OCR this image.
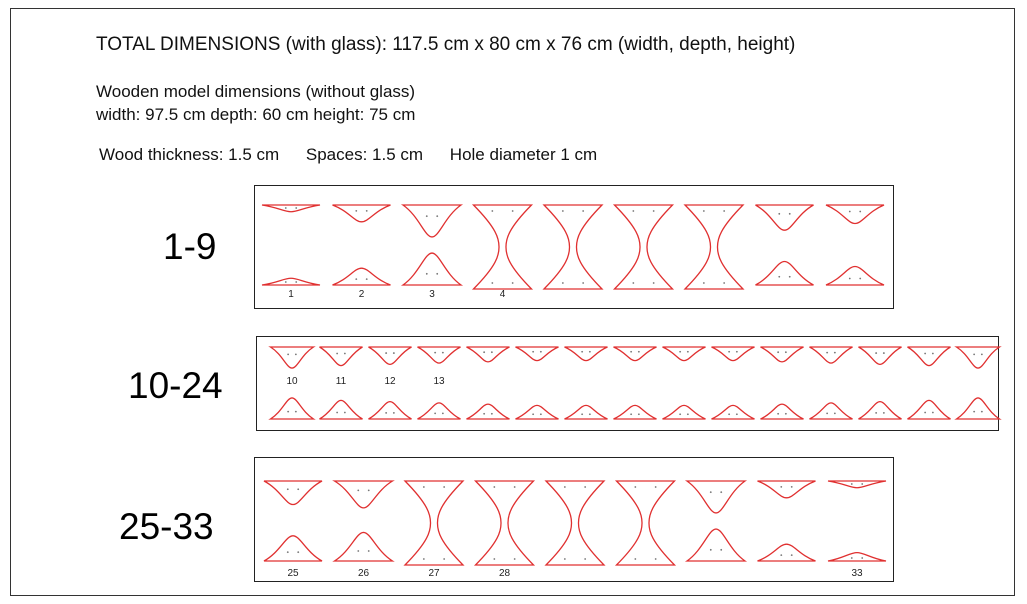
TOTAL DIMENSIONS (with glass): 117.5 cm x 80 cm x 76 cm (width, depth, height)
Wooden model dimensions (without glass)
width: 97.5 cm depth: 60 cm height: 75 cm
Wood thickness: 1.5 cm Spaces: 1.5 cm Hole diameter 1 cm
1-9
10-24
25-33
1	2	3	4
10	11	12	13
25	26	27	28	33
